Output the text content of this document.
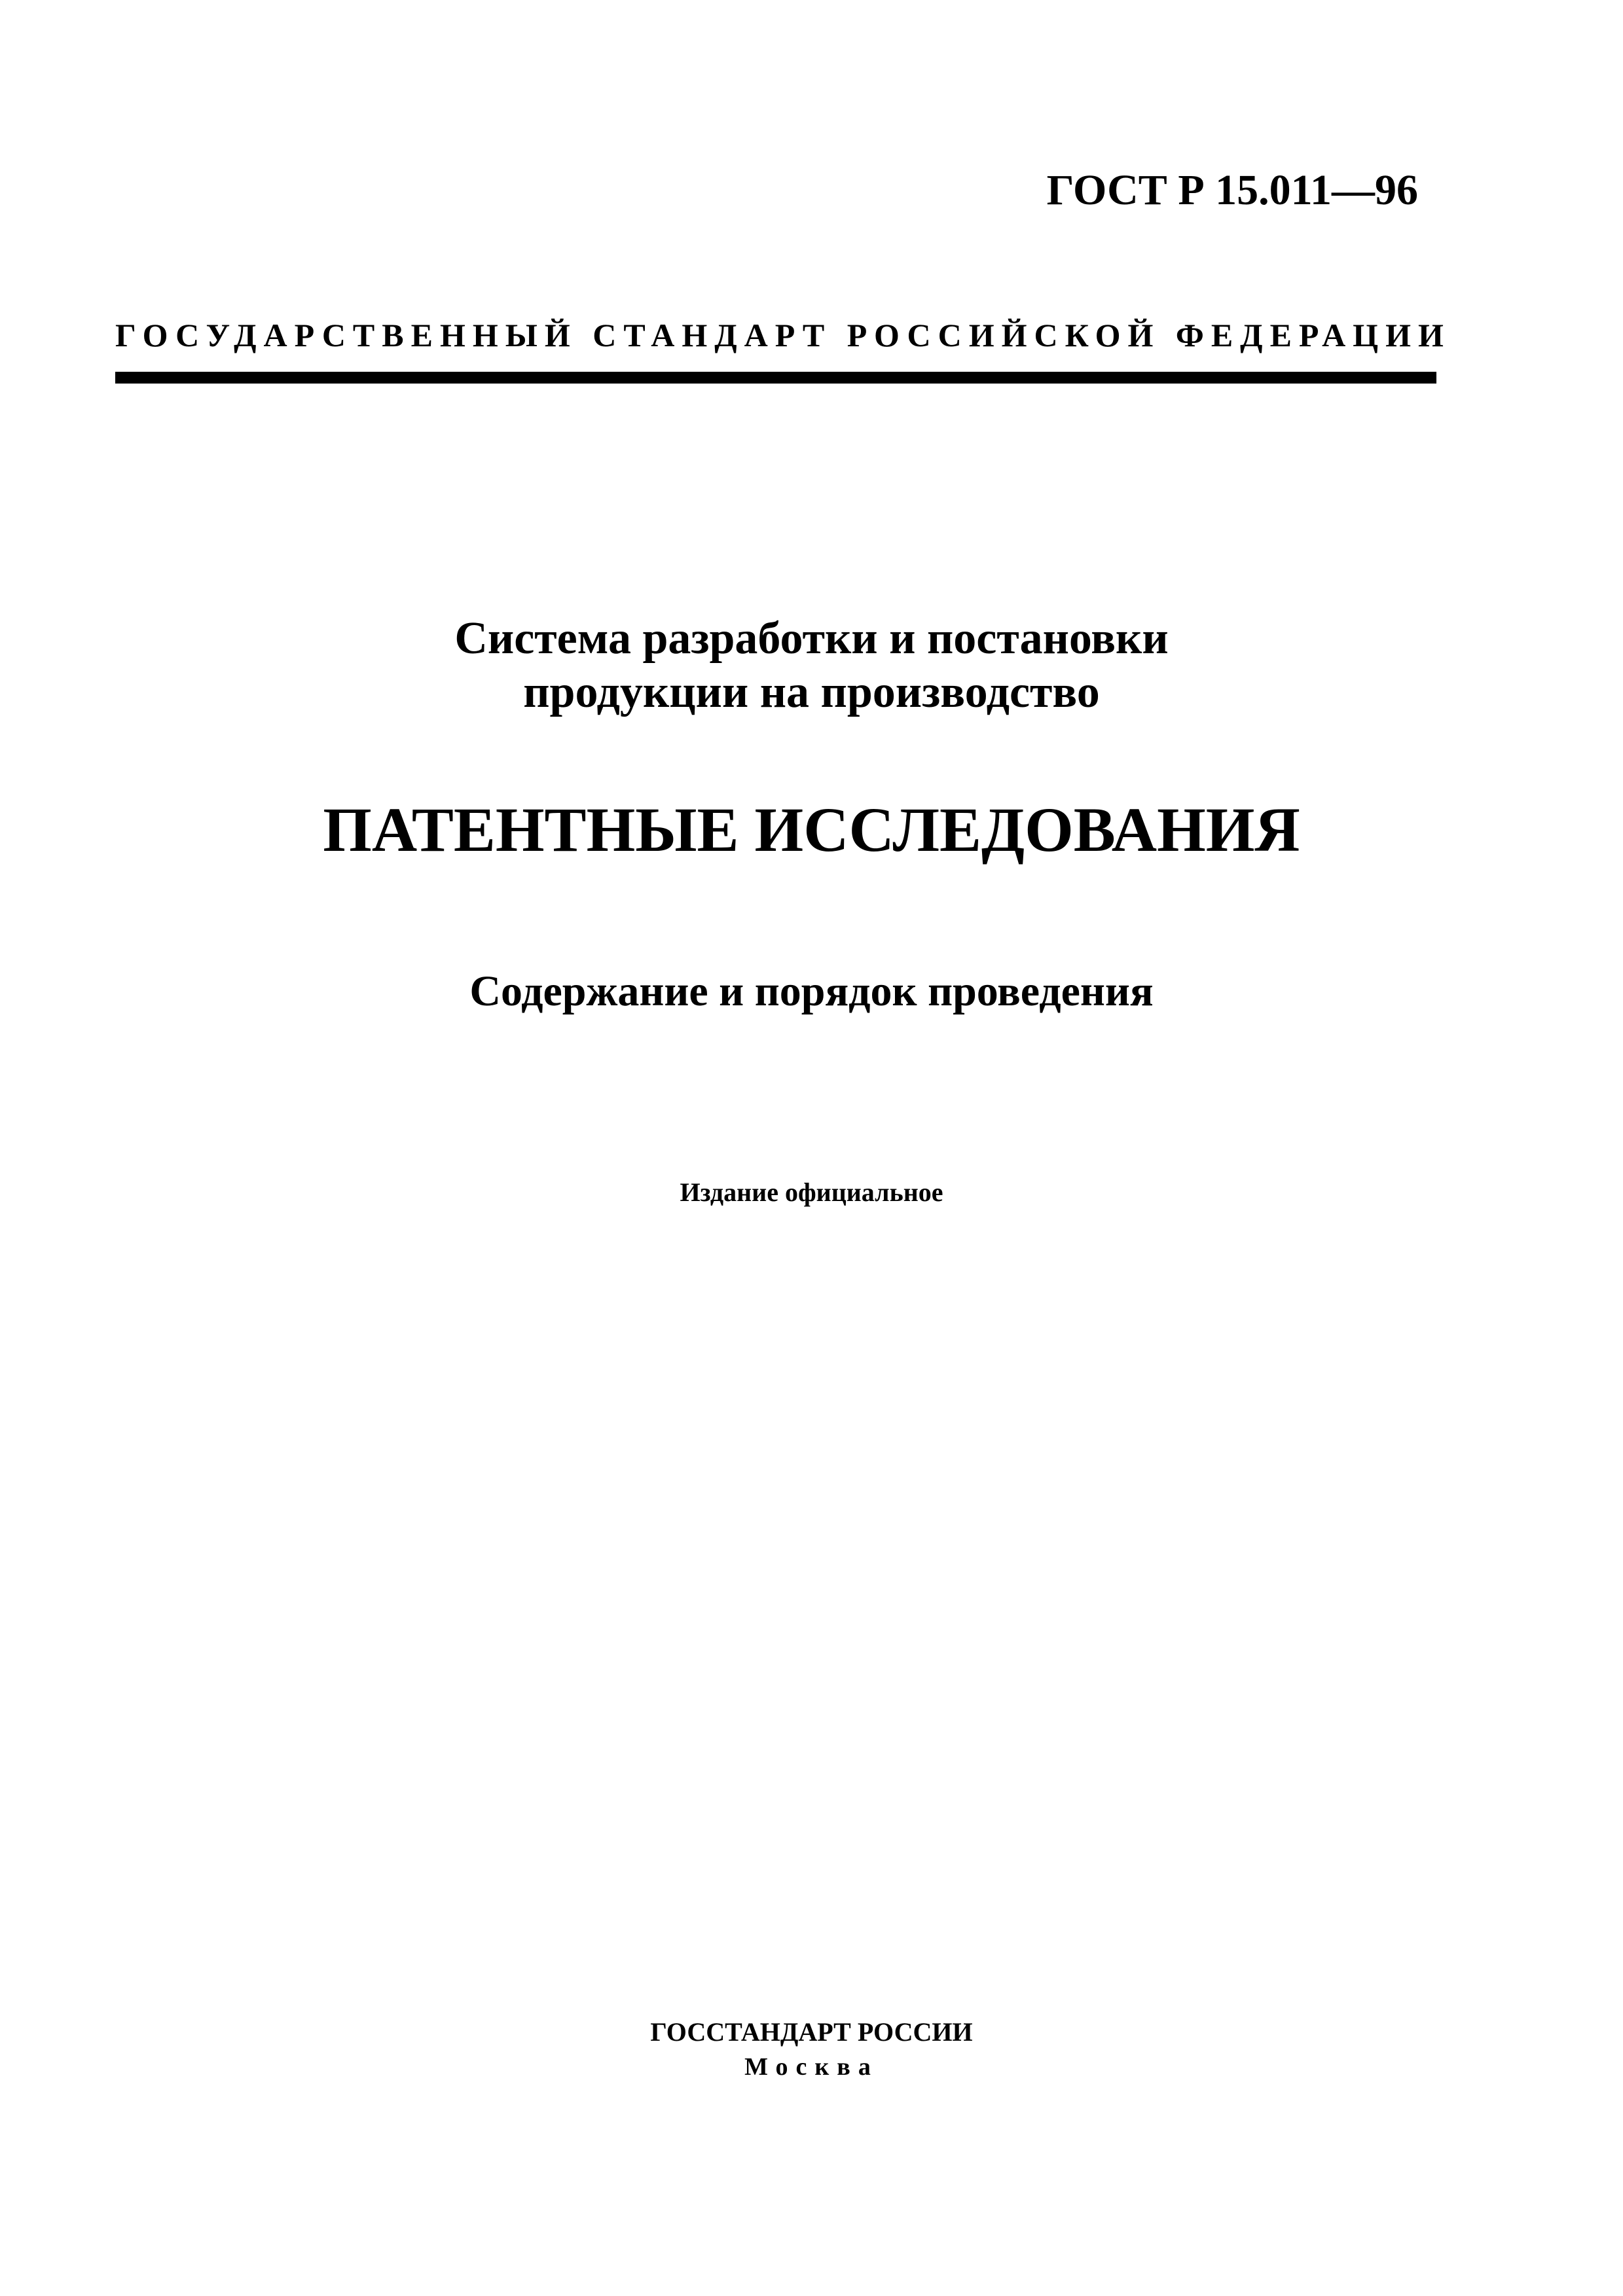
ГОСТ Р 15.011—96
ГОСУДАРСТВЕННЫЙ СТАНДАРТ РОССИЙСКОЙ ФЕДЕРАЦИИ
Система разработки и постановки
продукции на производство
ПАТЕНТНЫЕ ИССЛЕДОВАНИЯ
Содержание и порядок проведения
Издание официальное
ГОССТАНДАРТ РОССИИ
Москва
